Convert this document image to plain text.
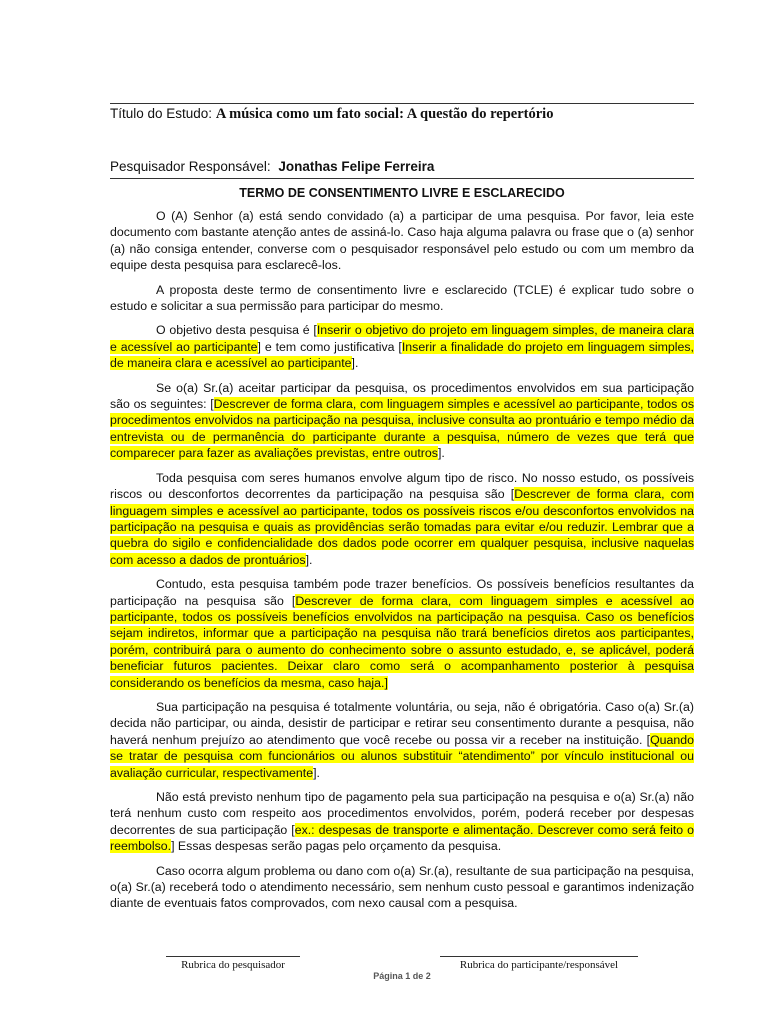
Título do Estudo: A música como um fato social: A questão do repertório
Pesquisador Responsável: Jonathas Felipe Ferreira
TERMO DE CONSENTIMENTO LIVRE E ESCLARECIDO

O (A) Senhor (a) está sendo convidado (a) a participar de uma pesquisa. Por favor, leia este documento com bastante atenção antes de assiná-lo. Caso haja alguma palavra ou frase que o (a) senhor (a) não consiga entender, converse com o pesquisador responsável pelo estudo ou com um membro da equipe desta pesquisa para esclarecê-los.

A proposta deste termo de consentimento livre e esclarecido (TCLE) é explicar tudo sobre o estudo e solicitar a sua permissão para participar do mesmo.

O objetivo desta pesquisa é [Inserir o objetivo do projeto em linguagem simples, de maneira clara e acessível ao participante] e tem como justificativa [Inserir a finalidade do projeto em linguagem simples, de maneira clara e acessível ao participante].

Se o(a) Sr.(a) aceitar participar da pesquisa, os procedimentos envolvidos em sua participação são os seguintes: [Descrever de forma clara, com linguagem simples e acessível ao participante, todos os procedimentos envolvidos na participação na pesquisa, inclusive consulta ao prontuário e tempo médio da entrevista ou de permanência do participante durante a pesquisa, número de vezes que terá que comparecer para fazer as avaliações previstas, entre outros].

Toda pesquisa com seres humanos envolve algum tipo de risco. No nosso estudo, os possíveis riscos ou desconfortos decorrentes da participação na pesquisa são [Descrever de forma clara, com linguagem simples e acessível ao participante, todos os possíveis riscos e/ou desconfortos envolvidos na participação na pesquisa e quais as providências serão tomadas para evitar e/ou reduzir. Lembrar que a quebra do sigilo e confidencialidade dos dados pode ocorrer em qualquer pesquisa, inclusive naquelas com acesso a dados de prontuários].

Contudo, esta pesquisa também pode trazer benefícios. Os possíveis benefícios resultantes da participação na pesquisa são [Descrever de forma clara, com linguagem simples e acessível ao participante, todos os possíveis benefícios envolvidos na participação na pesquisa. Caso os benefícios sejam indiretos, informar que a participação na pesquisa não trará benefícios diretos aos participantes, porém, contribuirá para o aumento do conhecimento sobre o assunto estudado, e, se aplicável, poderá beneficiar futuros pacientes. Deixar claro como será o acompanhamento posterior à pesquisa considerando os benefícios da mesma, caso haja.]

Sua participação na pesquisa é totalmente voluntária, ou seja, não é obrigatória. Caso o(a) Sr.(a) decida não participar, ou ainda, desistir de participar e retirar seu consentimento durante a pesquisa, não haverá nenhum prejuízo ao atendimento que você recebe ou possa vir a receber na instituição. [Quando se tratar de pesquisa com funcionários ou alunos substituir “atendimento” por vínculo institucional ou avaliação curricular, respectivamente].

Não está previsto nenhum tipo de pagamento pela sua participação na pesquisa e o(a) Sr.(a) não terá nenhum custo com respeito aos procedimentos envolvidos, porém, poderá receber por despesas decorrentes de sua participação [ex.: despesas de transporte e alimentação. Descrever como será feito o reembolso.] Essas despesas serão pagas pelo orçamento da pesquisa.

Caso ocorra algum problema ou dano com o(a) Sr.(a), resultante de sua participação na pesquisa, o(a) Sr.(a) receberá todo o atendimento necessário, sem nenhum custo pessoal e garantimos indenização diante de eventuais fatos comprovados, com nexo causal com a pesquisa.

Rubrica do pesquisador	Rubrica do participante/responsável
Página 1 de 2
